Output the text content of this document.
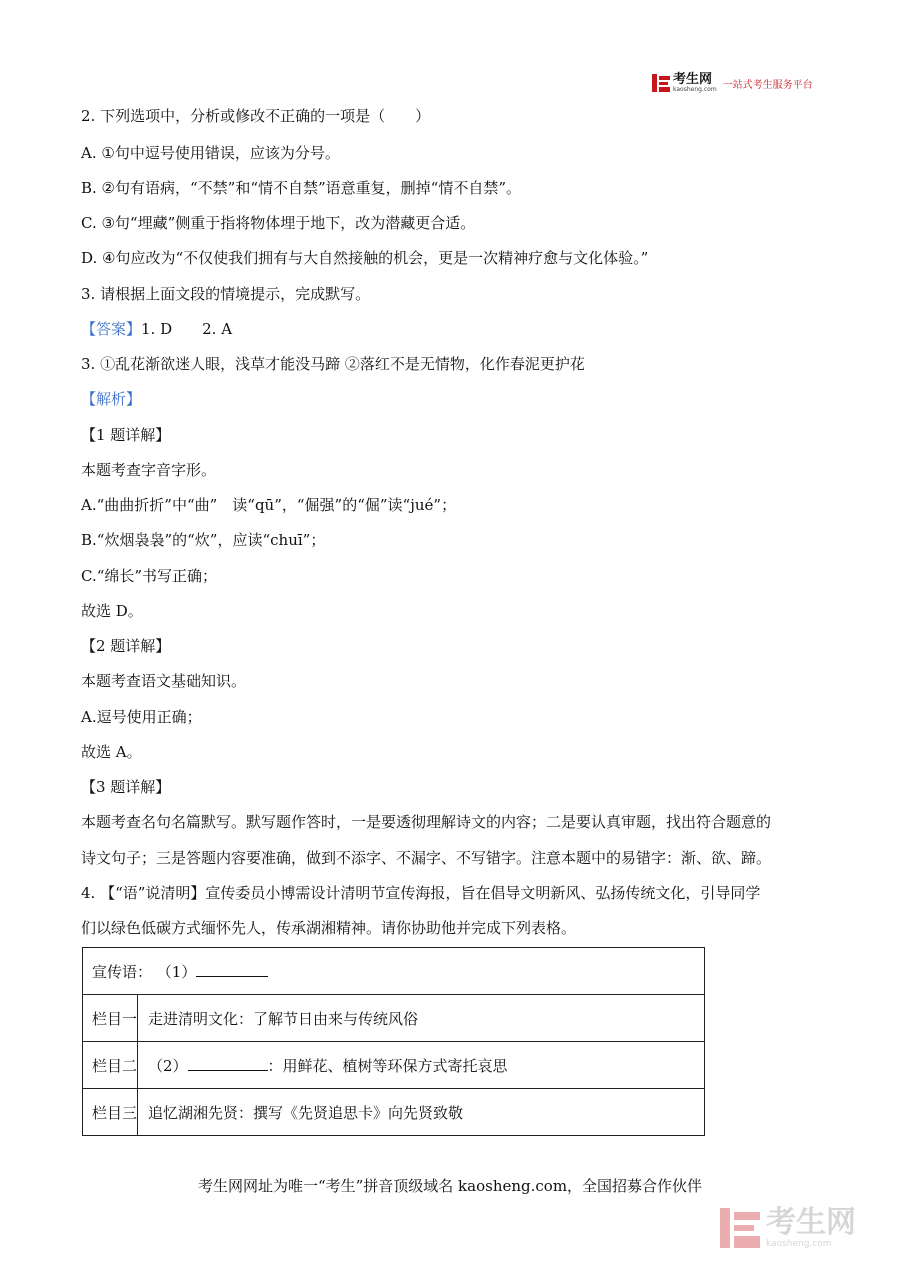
考生网
kaosheng.com 一站式考生服务平台
2. 下列选项中，分析或修改不正确的一项是（　　）
A. ①句中逗号使用错误，应该为分号。
B. ②句有语病，“不禁”和“情不自禁”语意重复，删掉“情不自禁”。
C. ③句“埋藏”侧重于指将物体埋于地下，改为潜藏更合适。
D. ④句应改为“不仅使我们拥有与大自然接触的机会，更是一次精神疗愈与文化体验。”
3. 请根据上面文段的情境提示，完成默写。
【答案】1. D　　2. A
3. ①乱花渐欲迷人眼，浅草才能没马蹄 ②落红不是无情物，化作春泥更护花
【解析】
【1 题详解】
本题考查字音字形。
A.“曲曲折折”中“曲”　读“qū”，“倔强”的“倔”读“jué”；
B.“炊烟袅袅”的“炊”，应读“chuī”；
C.“绵长”书写正确；
故选 D。
【2 题详解】
本题考查语文基础知识。
A.逗号使用正确；
故选 A。
【3 题详解】
本题考查名句名篇默写。默写题作答时，一是要透彻理解诗文的内容；二是要认真审题，找出符合题意的
诗文句子；三是答题内容要准确，做到不添字、不漏字、不写错字。注意本题中的易错字：渐、欲、蹄。
4. 【“语”说清明】宣传委员小博需设计清明节宣传海报，旨在倡导文明新风、弘扬传统文化，引导同学
们以绿色低碳方式缅怀先人，传承湖湘精神。请你协助他并完成下列表格。
宣传语： （1）	
栏目一	走进清明文化：了解节日由来与传统风俗
栏目二	（2） ：用鲜花、植树等环保方式寄托哀思
栏目三	追忆湖湘先贤：撰写《先贤追思卡》向先贤致敬
考生网网址为唯一“考生”拼音顶级域名 kaosheng.com，全国招募合作伙伴
考生网
kaosheng.com
